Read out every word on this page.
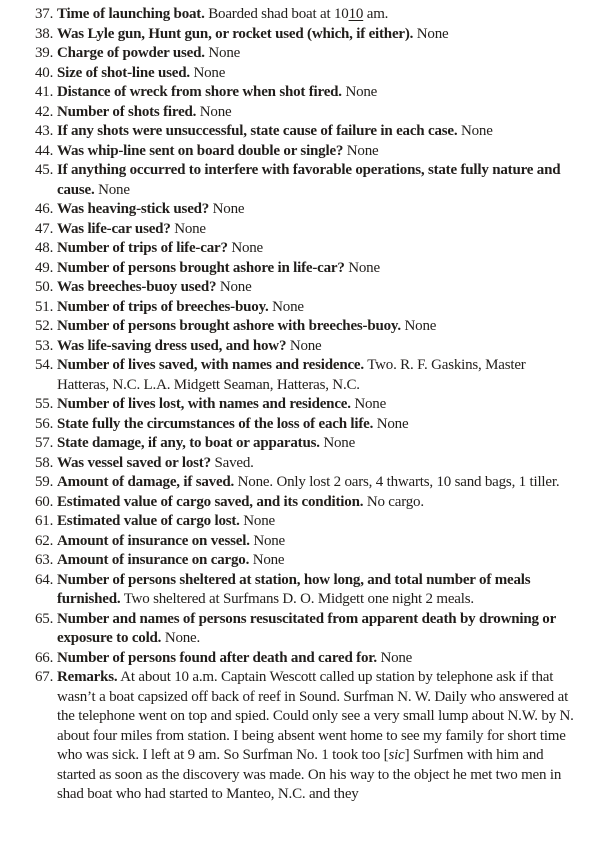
37. Time of launching boat. Boarded shad boat at 1010 am.
38. Was Lyle gun, Hunt gun, or rocket used (which, if either). None
39. Charge of powder used. None
40. Size of shot-line used. None
41. Distance of wreck from shore when shot fired. None
42. Number of shots fired. None
43. If any shots were unsuccessful, state cause of failure in each case. None
44. Was whip-line sent on board double or single? None
45. If anything occurred to interfere with favorable operations, state fully nature and cause. None
46. Was heaving-stick used? None
47. Was life-car used? None
48. Number of trips of life-car? None
49. Number of persons brought ashore in life-car? None
50. Was breeches-buoy used? None
51. Number of trips of breeches-buoy. None
52. Number of persons brought ashore with breeches-buoy. None
53. Was life-saving dress used, and how? None
54. Number of lives saved, with names and residence. Two. R. F. Gaskins, Master Hatteras, N.C. L.A. Midgett Seaman, Hatteras, N.C.
55. Number of lives lost, with names and residence. None
56. State fully the circumstances of the loss of each life. None
57. State damage, if any, to boat or apparatus. None
58. Was vessel saved or lost? Saved.
59. Amount of damage, if saved. None. Only lost 2 oars, 4 thwarts, 10 sand bags, 1 tiller.
60. Estimated value of cargo saved, and its condition. No cargo.
61. Estimated value of cargo lost. None
62. Amount of insurance on vessel. None
63. Amount of insurance on cargo. None
64. Number of persons sheltered at station, how long, and total number of meals furnished. Two sheltered at Surfmans D. O. Midgett one night 2 meals.
65. Number and names of persons resuscitated from apparent death by drowning or exposure to cold. None.
66. Number of persons found after death and cared for. None
67. Remarks. At about 10 a.m. Captain Wescott called up station by telephone ask if that wasn’t a boat capsized off back of reef in Sound. Surfman N. W. Daily who answered at the telephone went on top and spied. Could only see a very small lump about N.W. by N. about four miles from station. I being absent went home to see my family for short time who was sick. I left at 9 am. So Surfman No. 1 took too [sic] Surfmen with him and started as soon as the discovery was made. On his way to the object he met two men in shad boat who had started to Manteo, N.C. and they
